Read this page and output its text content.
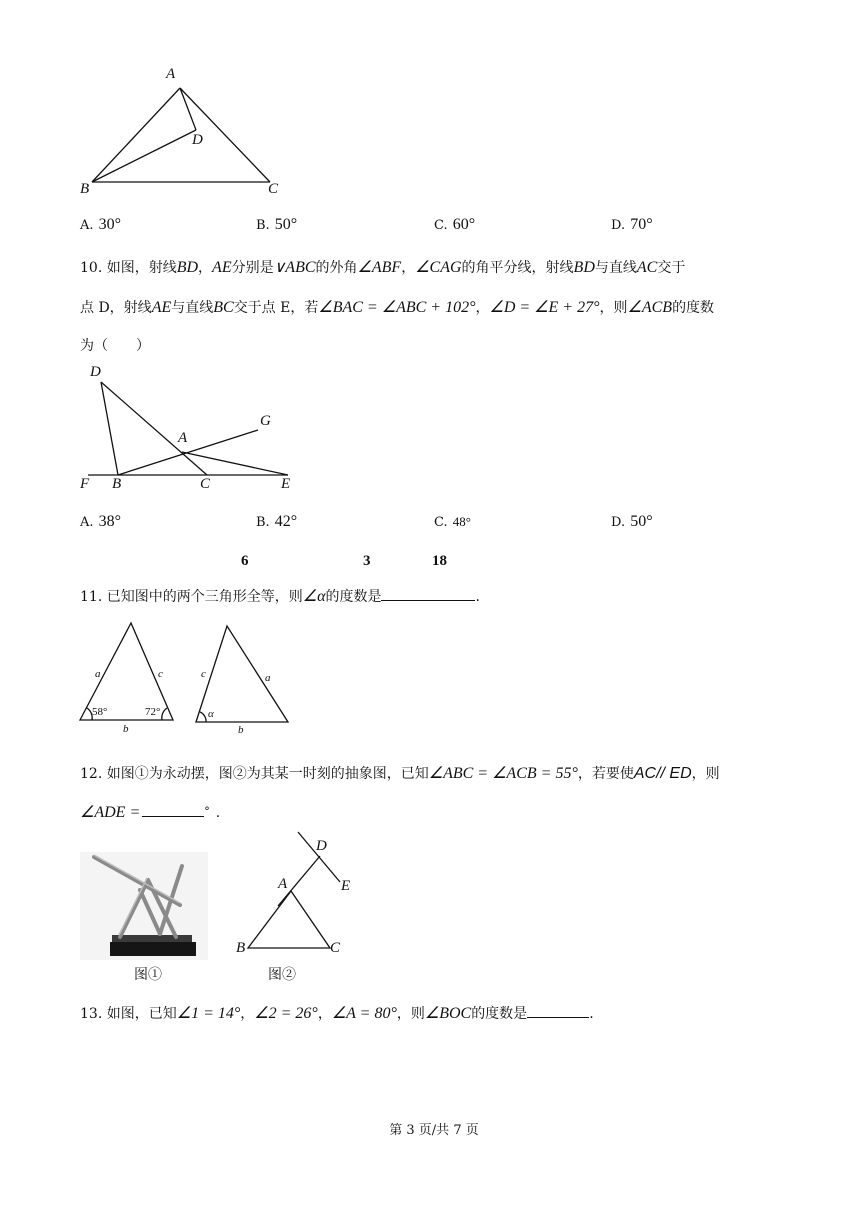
A
D
B	C
A. 30°	B. 50°	C. 60°	D. 70°
10. 如图，射线BD，AE分别是∨ABC的外角∠ABF，∠CAG的角平分线，射线BD与直线AC交于
点 D，射线AE与直线BC交于点 E，若∠BAC = ∠ABC + 102°，∠D = ∠E + 27°，则∠ACB的度数
为（　　）
D
G
A
F B	C	E
A. 38°	B. 42°	C. 48°	D. 50°
6	3	18
11. 已知图中的两个三角形全等，则∠α的度数是	.
a	c
58°	72°
b
c	a
α
b
12. 如图①为永动摆，图②为其某一时刻的抽象图，已知∠ABC = ∠ACB = 55°，若要使AC// ED，则
∠ADE =	° .
图①
D
A	E
B	C
图②
13. 如图，已知∠1 = 14°，∠2 = 26°，∠A = 80°，则∠BOC的度数是	.
第 3 页/共 7 页
